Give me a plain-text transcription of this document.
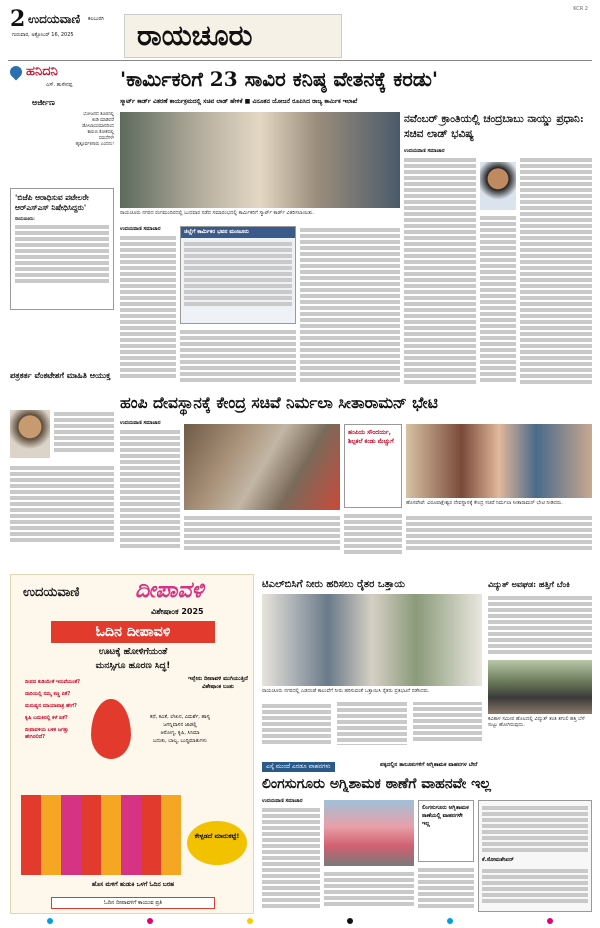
2 ಉದಯವಾಣಿ ಕಲಬುರಗಿ
ಗುರುವಾರ, ಅಕ್ಟೋಬರ್ 16, 2025 ರಾಯಚೂರು
KCR 2
ಹನಿದನಿ
ಎಸ್. ಹುಸೇನಪ್ಪ
ಅರ್ಜೀಣ
ಭೋಜನದ ತೂಬಿನಲ್ಲಿ
ಕಿಂಡಿ ಮಾಡಿದರೆ
ಡೋಲಾಯಮಾನದಿಂದ
ಕಾರುಣ ಕೋಶದಲ್ಲಿ
ಸಮಸೆಗಳೇ
ಹೃತ್ಪೂರ್ವಕಿಗಾರು ಎಂದನು!
'ಬಿಜೆಪಿ ಆರಾಧಿಸುವ ಪಟೇಲರೇ ಆರ್‌ಎಸ್‌ಎಸ್ ನಿಷೇಧಿಸಿದ್ದರು'
ರಾಯಚೂರು:
ಪತ್ರಕರ್ತ ವೆಂಕಟೇಶಗೆ ಮಾಹಿತಿ ಆಯುಕ್ತ
'ಕಾರ್ಮಿಕರಿಗೆ 23 ಸಾವಿರ ಕನಿಷ್ಠ ವೇತನಕ್ಕೆ ಕರಡು'
ಸ್ಮಾರ್ಟ್ ಕಾರ್ಡ್ ವಿತರಣೆ ಕಾರ್ಯಕ್ರಮದಲ್ಲಿ ಸಚಿವ ಲಾಡ್ ಹೇಳಿಕೆ ■ ವಿನೂತನ ಯೋಜನೆ ರೂಪಿಸಿದ ರಾಜ್ಯ ಕಾರ್ಮಿಕ ಇಲಾಖೆ
ರಾಯಚೂರು ನಗರದ ರಂಗಮಂದಿರದಲ್ಲಿ ಬುಧವಾರ ನಡೆದ ಸಮಾರಂಭದಲ್ಲಿ ಕಾರ್ಮಿಕರಿಗೆ ಸ್ಮಾರ್ಟ್ ಕಾರ್ಡ್ ವಿತರಿಸಲಾಯಿತು.
ಉದಯವಾಣಿ ಸಮಾಚಾರ	ಜಿಲ್ಲೆಗೆ ಕಾರ್ಮಿಕರ ಭವನ ಮಂಜೂರು
ನವೆಂಬರ್ ಕ್ರಾಂತಿಯಲ್ಲಿ ಚಂದ್ರಬಾಬು ನಾಯ್ಡು ಪ್ರಧಾನಿ: ಸಚಿವ ಲಾಡ್ ಭವಿಷ್ಯ
ಉದಯವಾಣಿ ಸಮಾಚಾರ
ಹಂಪಿ ದೇವಸ್ಥಾನಕ್ಕೆ ಕೇಂದ್ರ ಸಚಿವೆ ನಿರ್ಮಲಾ ಸೀತಾರಾಮನ್ ಭೇಟಿ
ಉದಯವಾಣಿ ಸಮಾಚಾರ
ಹಂಪಿಯ ಸೌಂದರ್ಯ, ಶಿಲ್ಪಕಲೆ ಕಂಡು ಮೆಚ್ಚುಗೆ
ಹೊಸಪೇಟೆ: ವಿರೂಪಾಕ್ಷೇಶ್ವರ ದೇವಸ್ಥಾನಕ್ಕೆ ಕೇಂದ್ರ ಸಚಿವೆ ನಿರ್ಮಲಾ ಸೀತಾರಾಮನ್ ಭೇಟಿ ನೀಡಿದರು.
ಉದಯವಾಣಿ	ದೀಪಾವಳಿ
ವಿಶೇಷಾಂಕ 2025
ಓದಿನ ದೀಪಾವಳಿ
ಊಟಕ್ಕೆ ಹೋಳಿಗೆಯಂತೆ
ಮನಸ್ಸಿಗೂ ಹೂರಣ ಸಿದ್ಧ!
ದೀಪದ ಕುಡಿಯೇಕೆ ಇರುವೆಯಂತೆ?
ದಾರಿಯಲ್ಲಿ ನಮ್ಮ ಕಣ್ಣ ಏಕೆ?
ಮನುಷ್ಯನ ಮಾಯಾಪಾತ್ರ ಹೇಗೆ?
ಕೃಷಿ ಬದುಕಿನಲ್ಲಿ ಕಳೆ ಏಕೆ?
ದೀಪಾವಳಿಯ ಬಳಿಕ ಜಗತ್ತು ಹೇಗಿರಲಿದೆ?
ಇನ್ನೇನು ದೀಪಾವಳಿ ಮುಗಿಯುತ್ತಿದೆ ವಿಶೇಷಾಂಕ ಬಂತು
ಕಥೆ, ಕವಿತೆ, ಲೇಖನ, ವಿಮರ್ಶೆ, ಹಾಸ್ಯ
ಜಗನ್ನಿವಾಸನ ಜಾಡಲ್ಲಿ
ಆರೋಗ್ಯ, ಕೃಷಿ, ಸಿನಿಮಾ
ಬದುಕು, ಬಾಲ್ಯ, ಬುದ್ಧಿಮಾತುಗಳು
ಕೇಳ್ಪಡದೆ ಮಾರುಕಟ್ಟೆ!
ಹೊಸ ಮಳಿಗೆ ಹುಡುಕಿ ಒಳಗೆ ಓದಿನ ಬರಹ
ಓದಿನ ದೀಪಾವಳಿಗೆ ಕಾಯುವ ಪ್ರತಿ
ಟಿಎಲ್‌ಬಿಸಿಗೆ ನೀರು ಹರಿಸಲು ರೈತರ ಒತ್ತಾಯ
ರಾಯಚೂರು ನಗರದಲ್ಲಿ ಎಡದಂಡೆ ಕಾಲುವೆಗೆ ನೀರು ಹರಿಸುವಂತೆ ಒತ್ತಾಯಿಸಿ ರೈತರು ಪ್ರತಿಭಟನೆ ನಡೆಸಿದರು.
ವಿದ್ಯುತ್ ಅವಘಡ: ಹತ್ತಿಗೆ ಬೆಂಕಿ
ಕವಿತಾಳ ಸಮೀಪ ಹೊಲದಲ್ಲಿ ವಿದ್ಯುತ್ ತಂತಿ ತಗುಲಿ ಹತ್ತಿ ಬೆಳೆ ಸುಟ್ಟು ಹೋಗಿರುವುದು.
ಎಸ್ಕೆ ಮುಂದೆ ಎರಡೂ ವಾಹನಗಳು	ಪಕ್ಕದಲ್ಲಿನ ತಾಲೂಕುಗಳಿಗೆ ಅಗ್ನಿಶಾಮಕ ವಾಹನಗಳ ಬೇರೆ
ಲಿಂಗಸುಗೂರು ಅಗ್ನಿಶಾಮಕ ಠಾಣೆಗೆ ವಾಹನವೇ ಇಲ್ಲ
ಉದಯವಾಣಿ ಸಮಾಚಾರ
ಲಿಂಗಸುಗೂರು ಅಗ್ನಿಶಾಮಕ ಠಾಣೆಯಲ್ಲಿ ವಾಹನಗಳೇ ಇಲ್ಲ
ಕೆ.ಸೋಮಶೇಖರ್
